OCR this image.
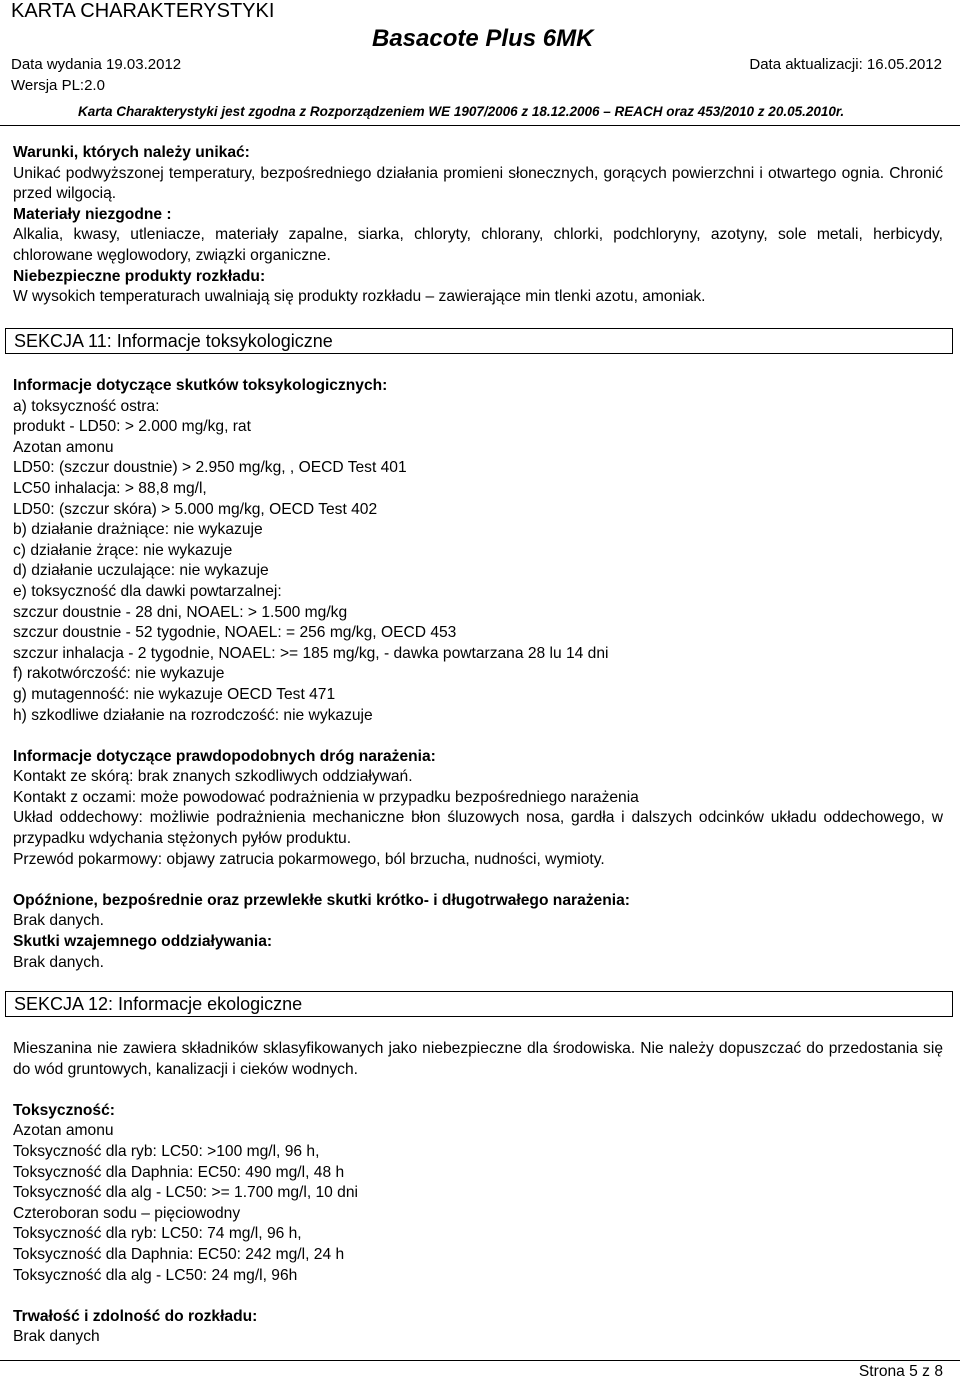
KARTA CHARAKTERYSTYKI
Basacote Plus 6MK
Data wydania 19.03.2012	Data aktualizacji: 16.05.2012
Wersja PL:2.0
Karta Charakterystyki jest zgodna z Rozporządzeniem WE 1907/2006 z 18.12.2006 – REACH oraz 453/2010 z 20.05.2010r.

Warunki, których należy unikać:

Unikać podwyższonej temperatury, bezpośredniego działania promieni słonecznych, gorących powierzchni i otwartego ognia. Chronić przed wilgocią.

Materiały niezgodne :

Alkalia, kwasy, utleniacze, materiały zapalne, siarka, chloryty, chlorany, chlorki, podchloryny, azotyny, sole metali, herbicydy, chlorowane węglowodory, związki organiczne.

Niebezpieczne produkty rozkładu:

W wysokich temperaturach uwalniają się produkty rozkładu – zawierające min tlenki azotu, amoniak.

SEKCJA 11: Informacje toksykologiczne

Informacje dotyczące skutków toksykologicznych:

a) toksyczność ostra:

produkt - LD50: > 2.000 mg/kg, rat

Azotan amonu

LD50: (szczur doustnie) > 2.950 mg/kg, , OECD Test 401

LC50 inhalacja: > 88,8 mg/l,

LD50: (szczur skóra) > 5.000 mg/kg, OECD Test 402

b) działanie drażniące: nie wykazuje

c) działanie żrące: nie wykazuje

d) działanie uczulające: nie wykazuje

e) toksyczność dla dawki powtarzalnej:

szczur doustnie - 28 dni, NOAEL: > 1.500 mg/kg

szczur doustnie - 52 tygodnie, NOAEL: = 256 mg/kg, OECD 453

szczur inhalacja - 2 tygodnie, NOAEL: >= 185 mg/kg, - dawka powtarzana 28 lu 14 dni

f) rakotwórczość: nie wykazuje

g) mutagenność: nie wykazuje OECD Test 471

h) szkodliwe działanie na rozrodczość: nie wykazuje

Informacje dotyczące prawdopodobnych dróg narażenia:

Kontakt ze skórą: brak znanych szkodliwych oddziaływań.

Kontakt z oczami: może powodować podrażnienia w przypadku bezpośredniego narażenia

Układ oddechowy: możliwie podrażnienia mechaniczne błon śluzowych nosa, gardła i dalszych odcinków układu oddechowego, w przypadku wdychania stężonych pyłów produktu.

Przewód pokarmowy: objawy zatrucia pokarmowego, ból brzucha, nudności, wymioty.

Opóźnione, bezpośrednie oraz przewlekłe skutki krótko- i długotrwałego narażenia:

Brak danych.

Skutki wzajemnego oddziaływania:

Brak danych.

SEKCJA 12: Informacje ekologiczne

Mieszanina nie zawiera składników sklasyfikowanych jako niebezpieczne dla środowiska. Nie należy dopuszczać do przedostania się do wód gruntowych, kanalizacji i cieków wodnych.

Toksyczność:

Azotan amonu

Toksyczność dla ryb: LC50: >100 mg/l, 96 h,

Toksyczność dla Daphnia: EC50: 490 mg/l, 48 h

Toksyczność dla alg - LC50: >= 1.700 mg/l, 10 dni

Czteroboran sodu – pięciowodny

Toksyczność dla ryb: LC50: 74 mg/l, 96 h,

Toksyczność dla Daphnia: EC50: 242 mg/l, 24 h

Toksyczność dla alg - LC50: 24 mg/l, 96h

Trwałość i zdolność do rozkładu:

Brak danych

Strona 5 z 8
